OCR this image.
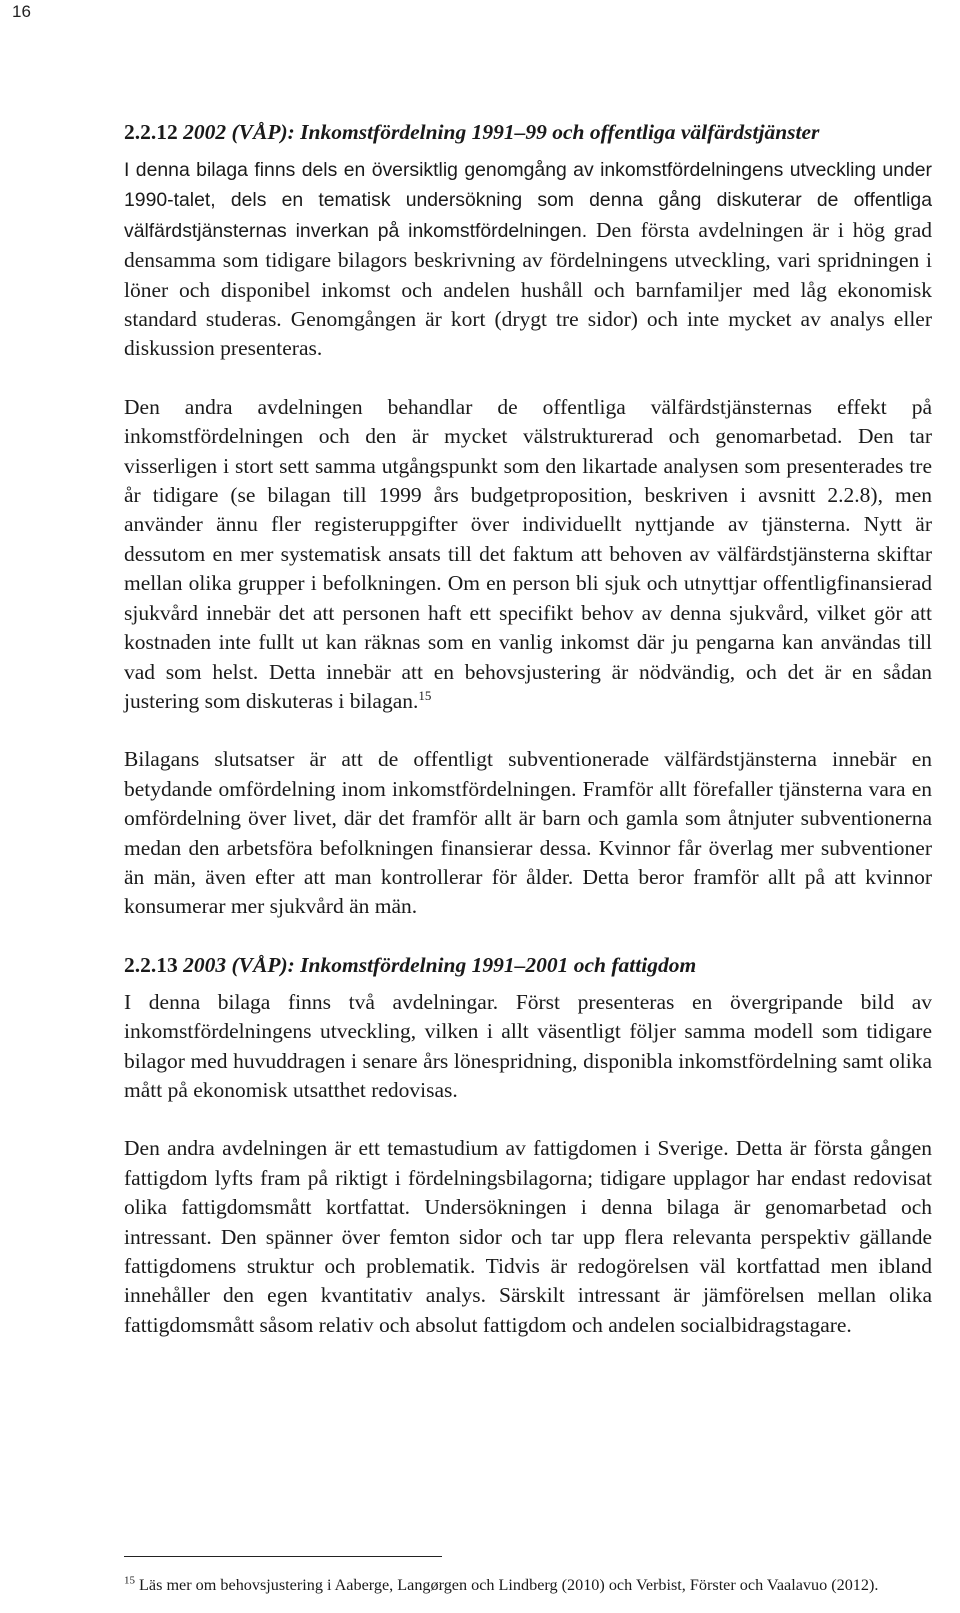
16
2.2.12 2002 (VÅP): Inkomstfördelning 1991–99 och offentliga välfärdstjänster

I denna bilaga finns dels en översiktlig genomgång av inkomstfördelningens utveckling under 1990-talet, dels en tematisk undersökning som denna gång diskuterar de offentliga välfärdstjänsternas inverkan på inkomstfördelningen. Den första avdelningen är i hög grad densamma som tidigare bilagors beskrivning av fördelningens utveckling, vari spridningen i löner och disponibel inkomst och andelen hushåll och barnfamiljer med låg ekonomisk standard studeras. Genomgången är kort (drygt tre sidor) och inte mycket av analys eller diskussion presenteras.

Den andra avdelningen behandlar de offentliga välfärdstjänsternas effekt på inkomstfördelningen och den är mycket välstrukturerad och genomarbetad. Den tar visserligen i stort sett samma utgångspunkt som den likartade analysen som presenterades tre år tidigare (se bilagan till 1999 års budgetproposition, beskriven i avsnitt 2.2.8), men använder ännu fler registeruppgifter över individuellt nyttjande av tjänsterna. Nytt är dessutom en mer systematisk ansats till det faktum att behoven av välfärdstjänsterna skiftar mellan olika grupper i befolkningen. Om en person bli sjuk och utnyttjar offentligfinansierad sjukvård innebär det att personen haft ett specifikt behov av denna sjukvård, vilket gör att kostnaden inte fullt ut kan räknas som en vanlig inkomst där ju pengarna kan användas till vad som helst. Detta innebär att en behovsjustering är nödvändig, och det är en sådan justering som diskuteras i bilagan.$^{15}$

Bilagans slutsatser är att de offentligt subventionerade välfärdstjänsterna innebär en betydande omfördelning inom inkomstfördelningen. Framför allt förefaller tjänsterna vara en omfördelning över livet, där det framför allt är barn och gamla som åtnjuter subventionerna medan den arbetsföra befolkningen finansierar dessa. Kvinnor får överlag mer subventioner än män, även efter att man kontrollerar för ålder. Detta beror framför allt på att kvinnor konsumerar mer sjukvård än män.

2.2.13 2003 (VÅP): Inkomstfördelning 1991–2001 och fattigdom

I denna bilaga finns två avdelningar. Först presenteras en övergripande bild av inkomstfördelningens utveckling, vilken i allt väsentligt följer samma modell som tidigare bilagor med huvuddragen i senare års lönespridning, disponibla inkomstfördelning samt olika mått på ekonomisk utsatthet redovisas.

Den andra avdelningen är ett temastudium av fattigdomen i Sverige. Detta är första gången fattigdom lyfts fram på riktigt i fördelningsbilagorna; tidigare upplagor har endast redovisat olika fattigdomsmått kortfattat. Undersökningen i denna bilaga är genomarbetad och intressant. Den spänner över femton sidor och tar upp flera relevanta perspektiv gällande fattigdomens struktur och problematik. Tidvis är redogörelsen väl kortfattad men ibland innehåller den egen kvantitativ analys. Särskilt intressant är jämförelsen mellan olika fattigdomsmått såsom relativ och absolut fattigdom och andelen socialbidragstagare.

$^{15}$ Läs mer om behovsjustering i Aaberge, Langørgen och Lindberg (2010) och Verbist, Förster och Vaalavuo (2012).
